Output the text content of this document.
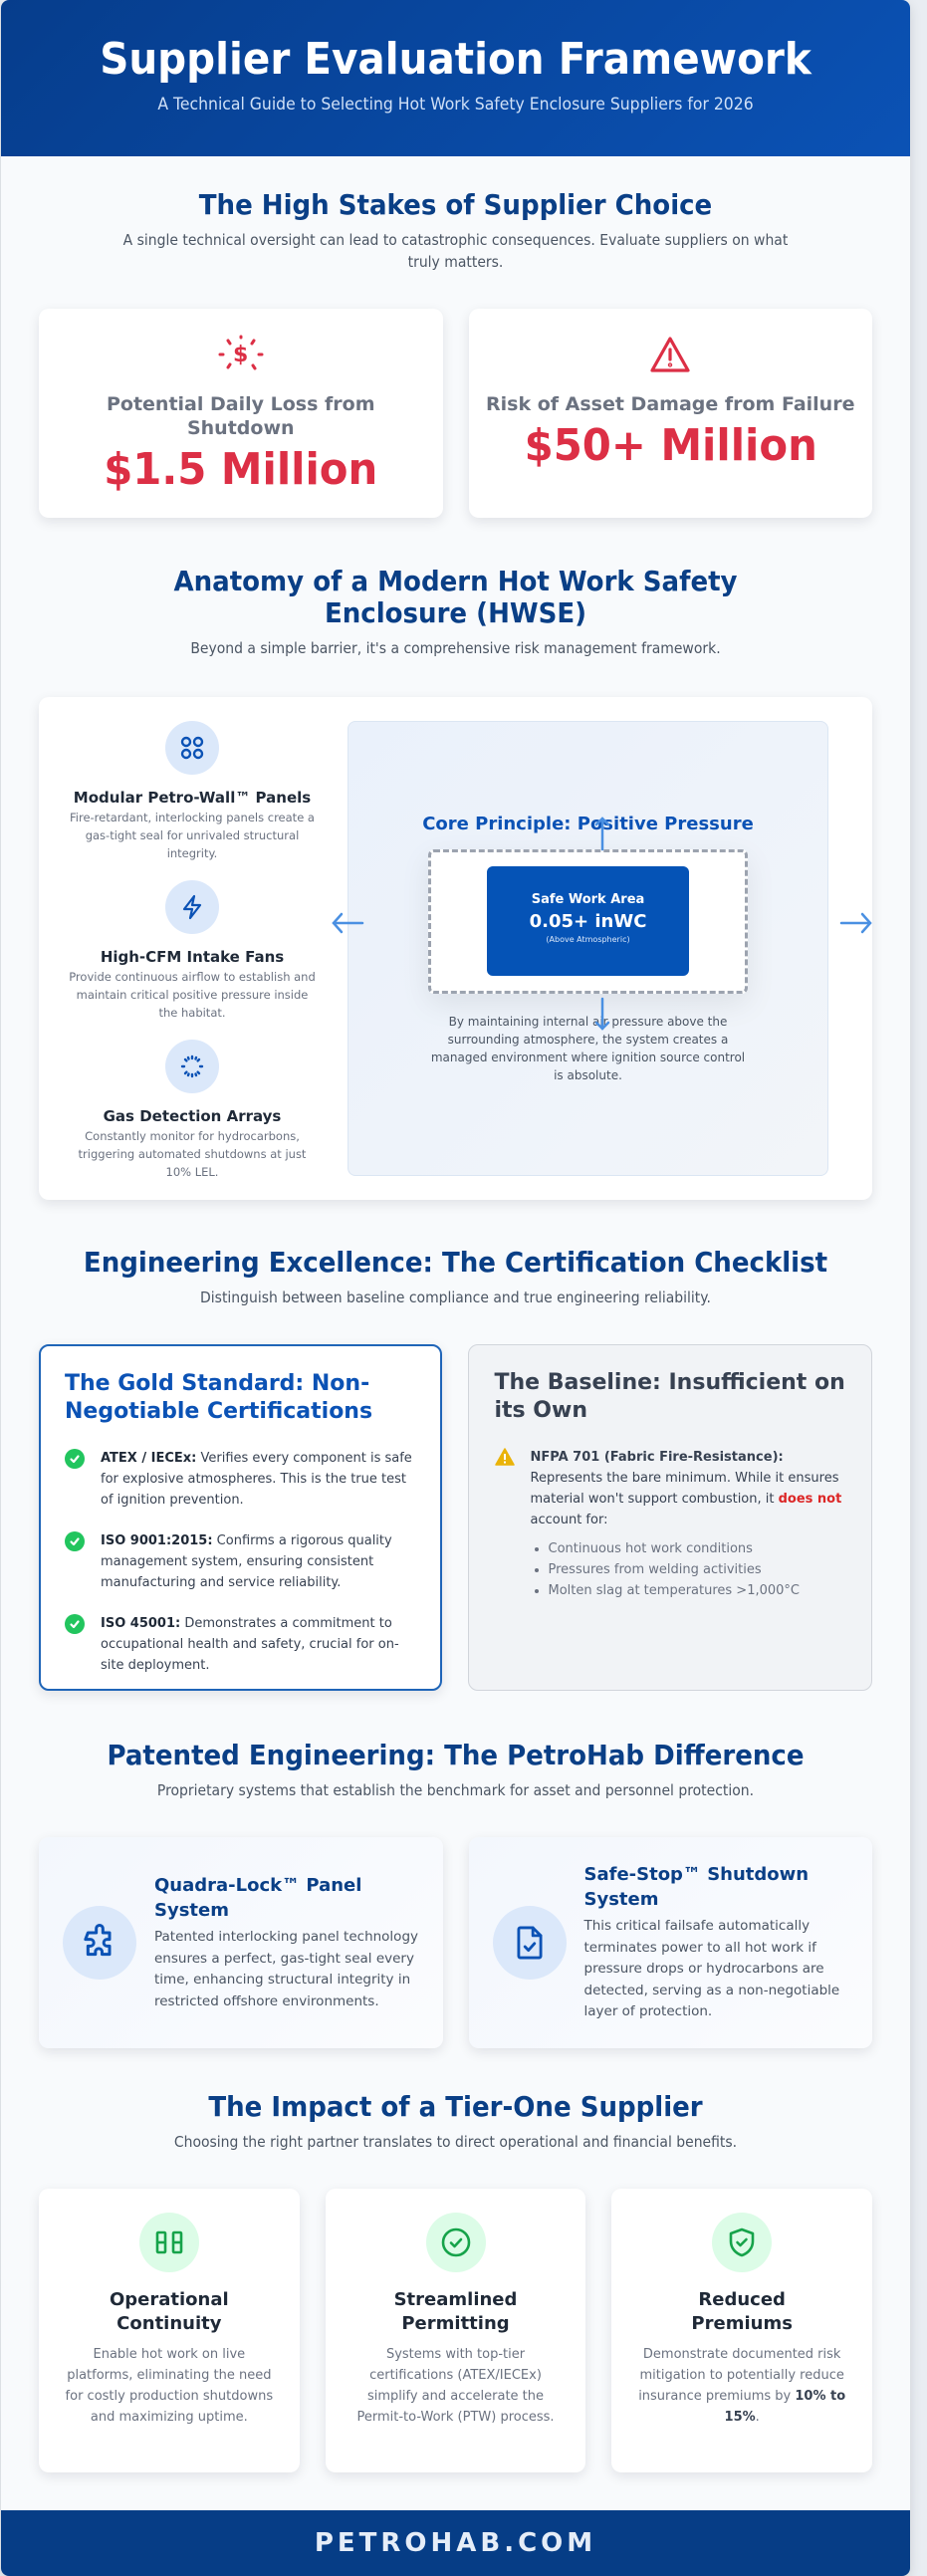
Supplier Evaluation Framework

A Technical Guide to Selecting Hot Work Safety Enclosure Suppliers for 2026

The High Stakes of Supplier Choice

A single technical oversight can lead to catastrophic consequences. Evaluate suppliers on what truly matters.

$
Potential Daily Loss from Shutdown
$1.5 Million
Risk of Asset Damage from Failure
$50+ Million
Anatomy of a Modern Hot Work Safety Enclosure (HWSE)

Beyond a simple barrier, it's a comprehensive risk management framework.

Modular Petro-Wall™ Panels
Fire-retardant, interlocking panels create a gas-tight seal for unrivaled structural integrity.
High-CFM Intake Fans
Provide continuous airflow to establish and maintain critical positive pressure inside the habitat.
Gas Detection Arrays
Constantly monitor for hydrocarbons, triggering automated shutdowns at just 10% LEL.
Core Principle: Positive Pressure
Safe Work Area
0.05+ inWC
(Above Atmospheric)
By maintaining internal air pressure above the surrounding atmosphere, the system creates a managed environment where ignition source control is absolute.
Engineering Excellence: The Certification Checklist

Distinguish between baseline compliance and true engineering reliability.

The Gold Standard: Non-Negotiable Certifications
ATEX / IECEx: Verifies every component is safe for explosive atmospheres. This is the true test of ignition prevention.
ISO 9001:2015: Confirms a rigorous quality management system, ensuring consistent manufacturing and service reliability.
ISO 45001: Demonstrates a commitment to occupational health and safety, crucial for on-site deployment.
The Baseline: Insufficient on its Own
NFPA 701 (Fabric Fire-Resistance): Represents the bare minimum. While it ensures material won't support combustion, it does not account for:
• Continuous hot work conditions
• Pressures from welding activities
• Molten slag at temperatures >1,000°C
Patented Engineering: The PetroHab Difference

Proprietary systems that establish the benchmark for asset and personnel protection.

Quadra-Lock™ Panel System
Patented interlocking panel technology ensures a perfect, gas-tight seal every time, enhancing structural integrity in restricted offshore environments.
Safe-Stop™ Shutdown System
This critical failsafe automatically terminates power to all hot work if pressure drops or hydrocarbons are detected, serving as a non-negotiable layer of protection.
The Impact of a Tier-One Supplier

Choosing the right partner translates to direct operational and financial benefits.

Operational Continuity
Enable hot work on live platforms, eliminating the need for costly production shutdowns and maximizing uptime.
Streamlined Permitting
Systems with top-tier certifications (ATEX/IECEx) simplify and accelerate the Permit-to-Work (PTW) process.
Reduced Premiums
Demonstrate documented risk mitigation to potentially reduce insurance premiums by 10% to 15%.
PETROHAB.COM
